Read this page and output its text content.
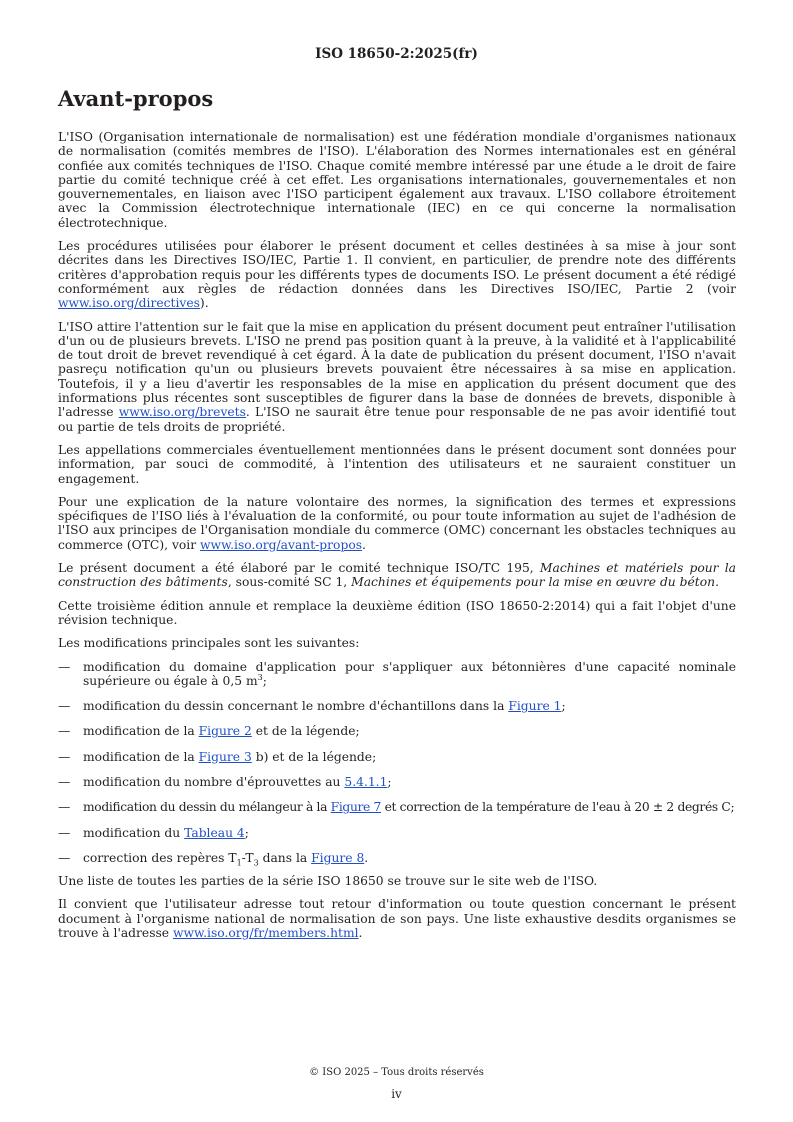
ISO 18650-2:2025(fr)
Avant-propos

L'ISO (Organisation internationale de normalisation) est une fédération mondiale d'organismes nationaux de normalisation (comités membres de l'ISO). L'élaboration des Normes internationales est en général confiée aux comités techniques de l'ISO. Chaque comité membre intéressé par une étude a le droit de faire partie du comité technique créé à cet effet. Les organisations internationales, gouvernementales et non gouvernementales, en liaison avec l'ISO participent également aux travaux. L'ISO collabore étroitement avec la Commission électrotechnique internationale (IEC) en ce qui concerne la normalisation électrotechnique.

Les procédures utilisées pour élaborer le présent document et celles destinées à sa mise à jour sont décrites dans les Directives ISO/IEC, Partie 1. Il convient, en particulier, de prendre note des différents critères d'approbation requis pour les différents types de documents ISO. Le présent document a été rédigé conformément aux règles de rédaction données dans les Directives ISO/IEC, Partie 2 (voir www.iso.org/directives).

L'ISO attire l'attention sur le fait que la mise en application du présent document peut entraîner l'utilisation d'un ou de plusieurs brevets. L'ISO ne prend pas position quant à la preuve, à la validité et à l'applicabilité de tout droit de brevet revendiqué à cet égard. À la date de publication du présent document, l'ISO n'avait pasreçu notification qu'un ou plusieurs brevets pouvaient être nécessaires à sa mise en application. Toutefois, il y a lieu d'avertir les responsables de la mise en application du présent document que des informations plus récentes sont susceptibles de figurer dans la base de données de brevets, disponible à l'adresse www.iso.org/brevets. L'ISO ne saurait être tenue pour responsable de ne pas avoir identifié tout ou partie de tels droits de propriété.

Les appellations commerciales éventuellement mentionnées dans le présent document sont données pour information, par souci de commodité, à l'intention des utilisateurs et ne sauraient constituer un engagement.

Pour une explication de la nature volontaire des normes, la signification des termes et expressions spécifiques de l'ISO liés à l'évaluation de la conformité, ou pour toute information au sujet de l'adhésion de l'ISO aux principes de l'Organisation mondiale du commerce (OMC) concernant les obstacles techniques au commerce (OTC), voir www.iso.org/avant-propos.

Le présent document a été élaboré par le comité technique ISO/TC 195, Machines et matériels pour la construction des bâtiments, sous-comité SC 1, Machines et équipements pour la mise en œuvre du béton.

Cette troisième édition annule et remplace la deuxième édition (ISO 18650-2:2014) qui a fait l'objet d'une révision technique.

Les modifications principales sont les suivantes:

—	modification du domaine d'application pour s'appliquer aux bétonnières d'une capacité nominale supérieure ou égale à 0,5 $m^3$;
—	modification du dessin concernant le nombre d'échantillons dans la Figure 1;
—	modification de la Figure 2 et de la légende;
—	modification de la Figure 3 b) et de la légende;
—	modification du nombre d'éprouvettes au 5.4.1.1;
—	modification du dessin du mélangeur à la Figure 7 et correction de la température de l'eau à 20 ± 2 degrés C;
—	modification du Tableau 4;
—	correction des repères $T_1-T_3$ dans la Figure 8.

Une liste de toutes les parties de la série ISO 18650 se trouve sur le site web de l'ISO.

Il convient que l'utilisateur adresse tout retour d'information ou toute question concernant le présent document à l'organisme national de normalisation de son pays. Une liste exhaustive desdits organismes se trouve à l'adresse www.iso.org/fr/members.html.

© ISO 2025 – Tous droits réservés
iv
